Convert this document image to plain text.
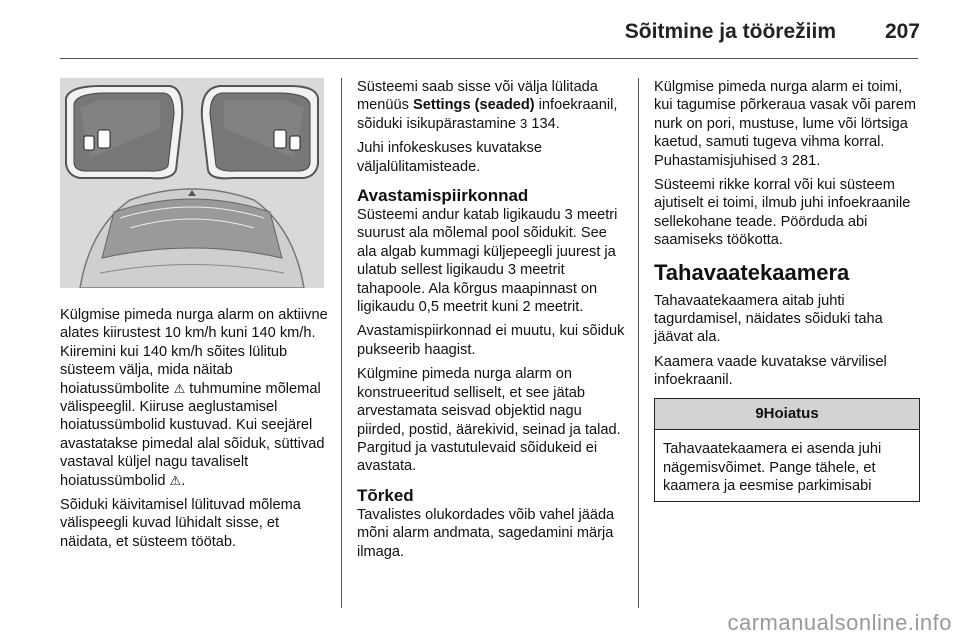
Sõitmine ja töörežiim 207

Külgmise pimeda nurga alarm on aktiivne alates kiirustest 10 km/h kuni 140 km/h. Kiiremini kui 140 km/h sõites lülitub süsteem välja, mida näitab hoiatussümbolite ⚠ tuhmumine mõlemal välispeeglil. Kiiruse aeglustamisel hoiatussümbolid kustuvad. Kui seejärel avastatakse pimedal alal sõiduk, süttivad vastaval küljel nagu tavaliselt hoiatussümbolid ⚠.

Sõiduki käivitamisel lülituvad mõlema välispeegli kuvad lühidalt sisse, et näidata, et süsteem töötab.

Süsteemi saab sisse või välja lülitada menüüs Settings (seaded) infoekraanil, sõiduki isikupärastamine 3 134.

Juhi infokeskuses kuvatakse väljalülitamisteade.

Avastamispiirkonnad

Süsteemi andur katab ligikaudu 3 meetri suurust ala mõlemal pool sõidukit. See ala algab kummagi küljepeegli juurest ja ulatub sellest ligikaudu 3 meetrit tahapoole. Ala kõrgus maapinnast on ligikaudu 0,5 meetrit kuni 2 meetrit.

Avastamispiirkonnad ei muutu, kui sõiduk pukseerib haagist.

Külgmine pimeda nurga alarm on konstrueeritud selliselt, et see jätab arvestamata seisvad objektid nagu piirded, postid, äärekivid, seinad ja talad. Pargitud ja vastutulevaid sõidukeid ei avastata.

Tõrked

Tavalistes olukordades võib vahel jääda mõni alarm andmata, sagedamini märja ilmaga.

Külgmise pimeda nurga alarm ei toimi, kui tagumise põrkeraua vasak või parem nurk on pori, mustuse, lume või lörtsiga kaetud, samuti tugeva vihma korral.
Puhastamisjuhised 3 281.

Süsteemi rikke korral või kui süsteem ajutiselt ei toimi, ilmub juhi infoekraanile sellekohane teade. Pöörduda abi saamiseks töökotta.

Tahavaatekaamera

Tahavaatekaamera aitab juhti tagurdamisel, näidates sõiduki taha jäävat ala.

Kaamera vaade kuvatakse värvilisel infoekraanil.

9Hoiatus
Tahavaatekaamera ei asenda juhi nägemisvõimet. Pange tähele, et kaamera ja eesmise parkimisabi
carmanualsonline.info
